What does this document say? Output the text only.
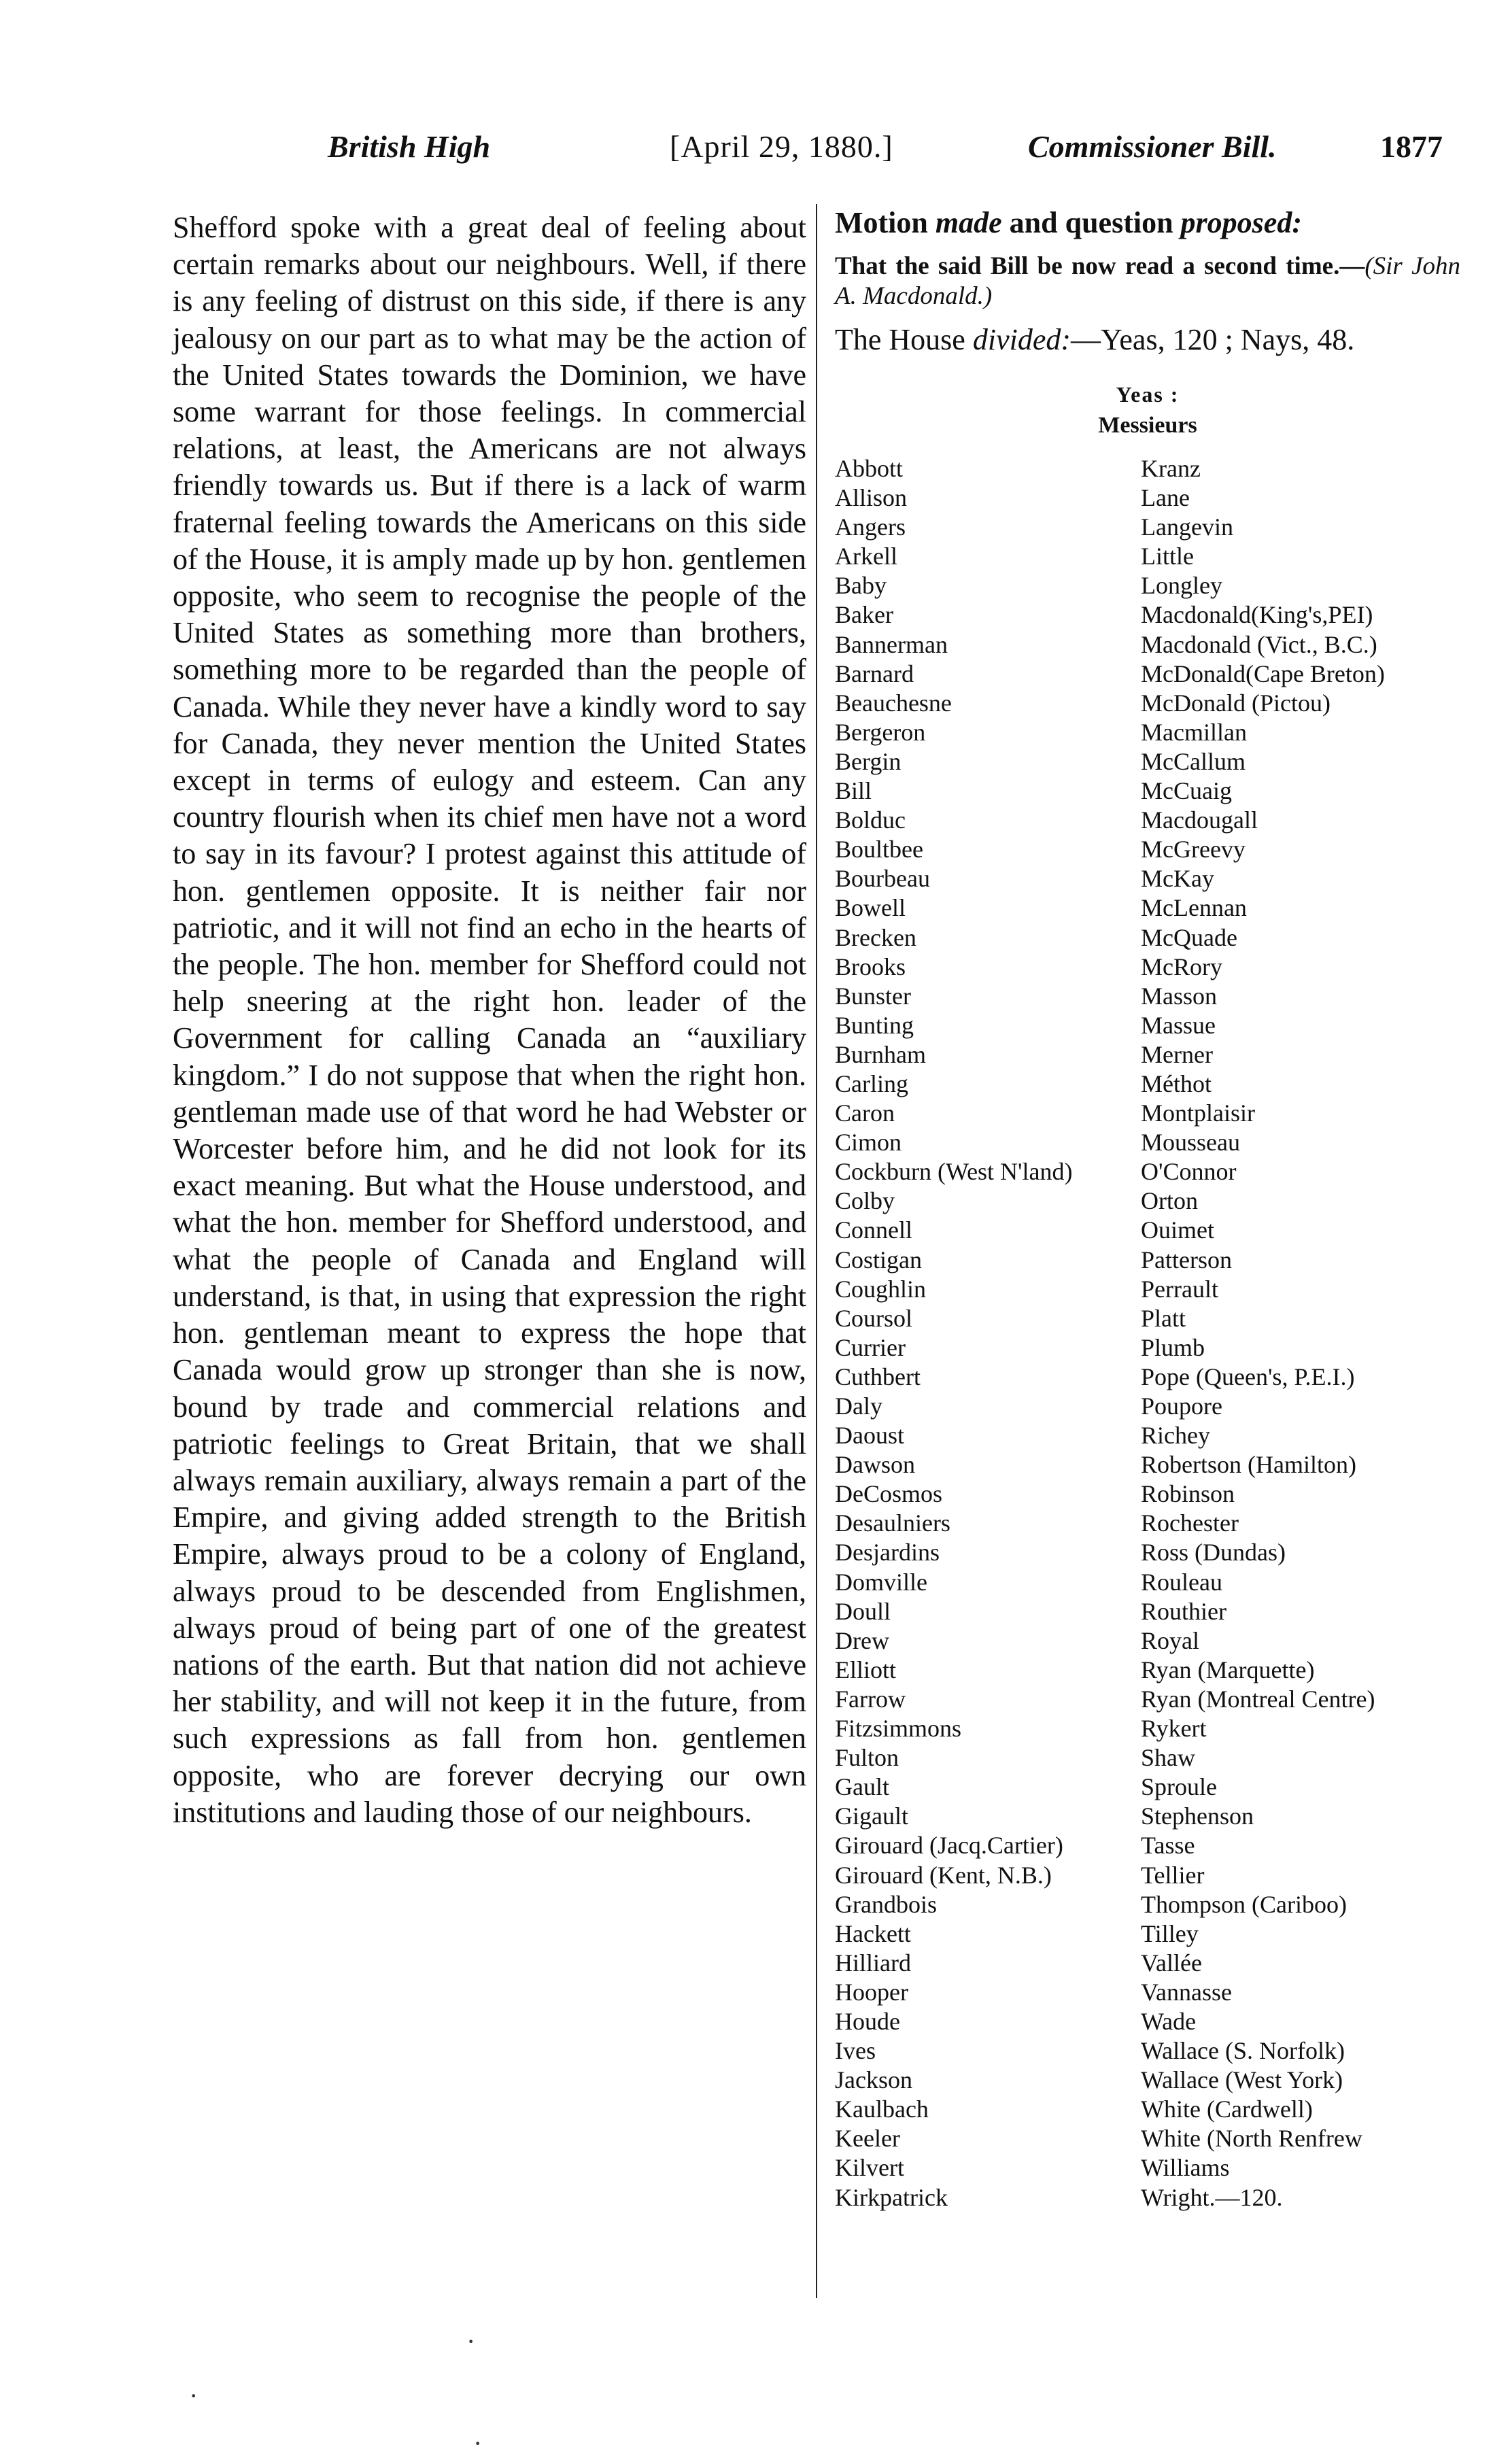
British High	[April 29, 1880.]	Commissioner Bill.	1877

Shefford spoke with a great deal of feeling about certain remarks about our neighbours. Well, if there is any feeling of distrust on this side, if there is any jealousy on our part as to what may be the action of the United States towards the Dominion, we have some warrant for those feelings. In commercial relations, at least, the Americans are not always friendly towards us. But if there is a lack of warm fraternal feeling towards the Americans on this side of the House, it is amply made up by hon. gentlemen opposite, who seem to recognise the people of the United States as something more than brothers, something more to be regarded than the people of Canada. While they never have a kindly word to say for Canada, they never mention the United States except in terms of eulogy and esteem. Can any country flourish when its chief men have not a word to say in its favour? I protest against this attitude of hon. gentlemen opposite. It is neither fair nor patriotic, and it will not find an echo in the hearts of the people. The hon. member for Shefford could not help sneering at the right hon. leader of the Government for calling Canada an “auxiliary kingdom.” I do not suppose that when the right hon. gentleman made use of that word he had Webster or Worcester before him, and he did not look for its exact meaning. But what the House understood, and what the hon. member for Shefford understood, and what the people of Canada and England will understand, is that, in using that expression the right hon. gentleman meant to express the hope that Canada would grow up stronger than she is now, bound by trade and commercial relations and patriotic feelings to Great Britain, that we shall always remain auxiliary, always remain a part of the Empire, and giving added strength to the British Empire, always proud to be a colony of England, always proud to be descended from Englishmen, always proud of being part of one of the greatest nations of the earth. But that nation did not achieve her stability, and will not keep it in the future, from such expressions as fall from hon. gentlemen opposite, who are forever decrying our own institutions and lauding those of our neighbours.

Motion made and question proposed:

That the said Bill be now read a second time.—(Sir John A. Macdonald.)

The House divided:—Yeas, 120 ; Nays, 48.

Yeas :
Messieurs
Abbott	Kranz
Allison	Lane
Angers	Langevin
Arkell	Little
Baby	Longley
Baker	Macdonald(King's,PEI)
Bannerman	Macdonald (Vict., B.C.)
Barnard	McDonald(Cape Breton)
Beauchesne	McDonald (Pictou)
Bergeron	Macmillan
Bergin	McCallum
Bill	McCuaig
Bolduc	Macdougall
Boultbee	McGreevy
Bourbeau	McKay
Bowell	McLennan
Brecken	McQuade
Brooks	McRory
Bunster	Masson
Bunting	Massue
Burnham	Merner
Carling	Méthot
Caron	Montplaisir
Cimon	Mousseau
Cockburn (West N'land)	O'Connor
Colby	Orton
Connell	Ouimet
Costigan	Patterson
Coughlin	Perrault
Coursol	Platt
Currier	Plumb
Cuthbert	Pope (Queen's, P.E.I.)
Daly	Poupore
Daoust	Richey
Dawson	Robertson (Hamilton)
DeCosmos	Robinson
Desaulniers	Rochester
Desjardins	Ross (Dundas)
Domville	Rouleau
Doull	Routhier
Drew	Royal
Elliott	Ryan (Marquette)
Farrow	Ryan (Montreal Centre)
Fitzsimmons	Rykert
Fulton	Shaw
Gault	Sproule
Gigault	Stephenson
Girouard (Jacq.Cartier)	Tasse
Girouard (Kent, N.B.)	Tellier
Grandbois	Thompson (Cariboo)
Hackett	Tilley
Hilliard	Vallée
Hooper	Vannasse
Houde	Wade
Ives	Wallace (S. Norfolk)
Jackson	Wallace (West York)
Kaulbach	White (Cardwell)
Keeler	White (North Renfrew
Kilvert	Williams
Kirkpatrick	Wright.—120.
·
·
·
